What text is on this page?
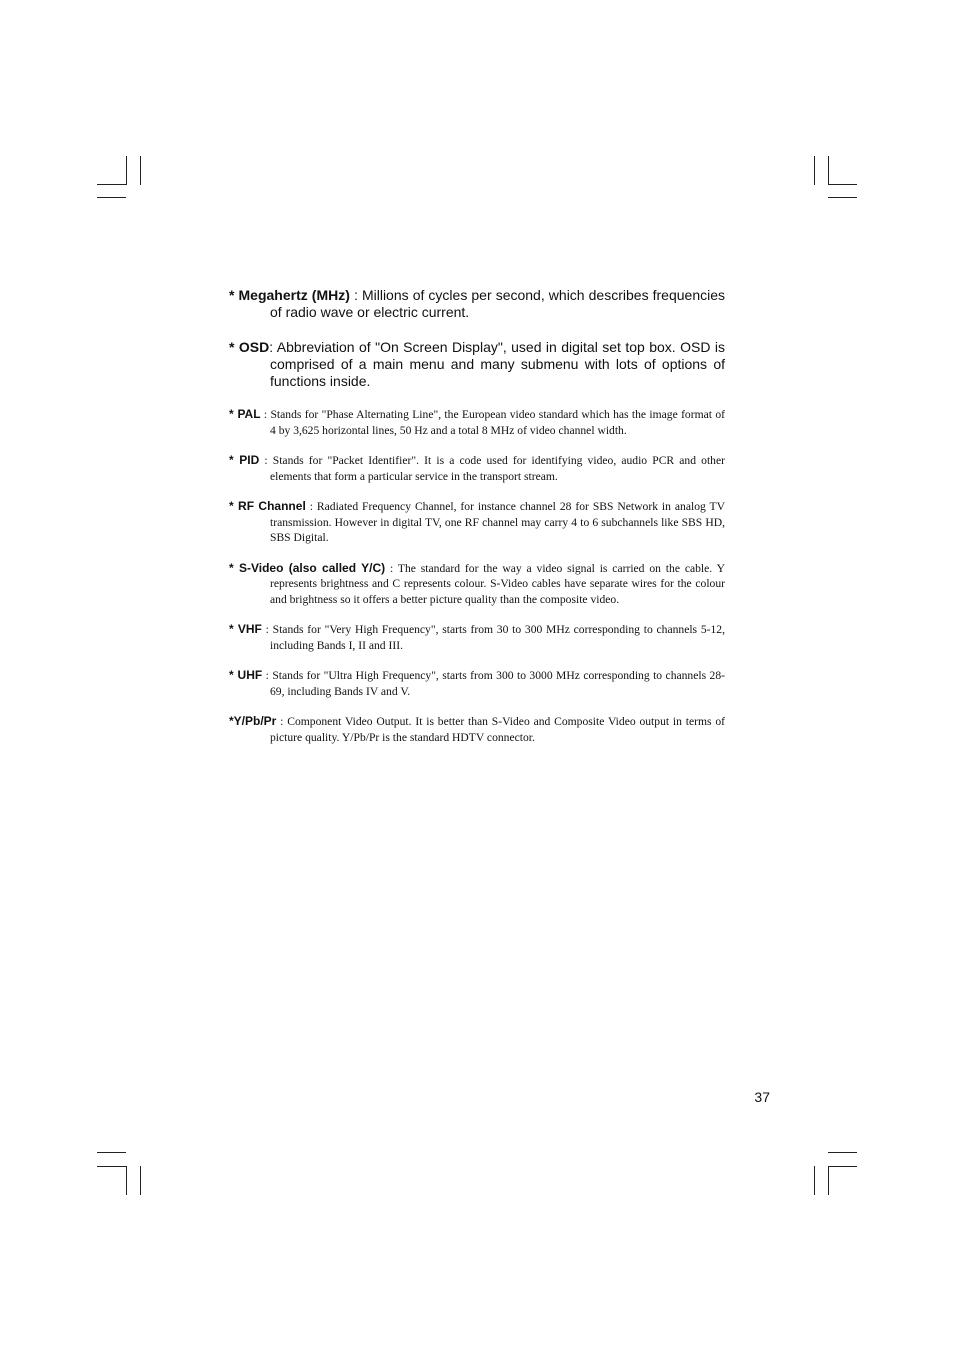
* Megahertz (MHz) : Millions of cycles per second, which describes frequencies of radio wave or electric current.

* OSD: Abbreviation of "On Screen Display", used in digital set top box. OSD is comprised of a main menu and many submenu with lots of options of functions inside.

* PAL : Stands for "Phase Alternating Line", the European video standard which has the image format of 4 by 3,625 horizontal lines, 50 Hz and a total 8 MHz of video channel width.

* PID : Stands for "Packet Identifier". It is a code used for identifying video, audio PCR and other elements that form a particular service in the transport stream.

* RF Channel : Radiated Frequency Channel, for instance channel 28 for SBS Network in analog TV transmission. However in digital TV, one RF channel may carry 4 to 6 subchannels like SBS HD, SBS Digital.

* S-Video (also called Y/C) : The standard for the way a video signal is carried on the cable. Y represents brightness and C represents colour. S-Video cables have separate wires for the colour and brightness so it offers a better picture quality than the composite video.

* VHF : Stands for "Very High Frequency", starts from 30 to 300 MHz corresponding to channels 5-12, including Bands I, II and III.

* UHF : Stands for "Ultra High Frequency", starts from 300 to 3000 MHz corresponding to channels 28-69, including Bands IV and V.

*Y/Pb/Pr : Component Video Output. It is better than S-Video and Composite Video output in terms of picture quality. Y/Pb/Pr is the standard HDTV connector.

37
